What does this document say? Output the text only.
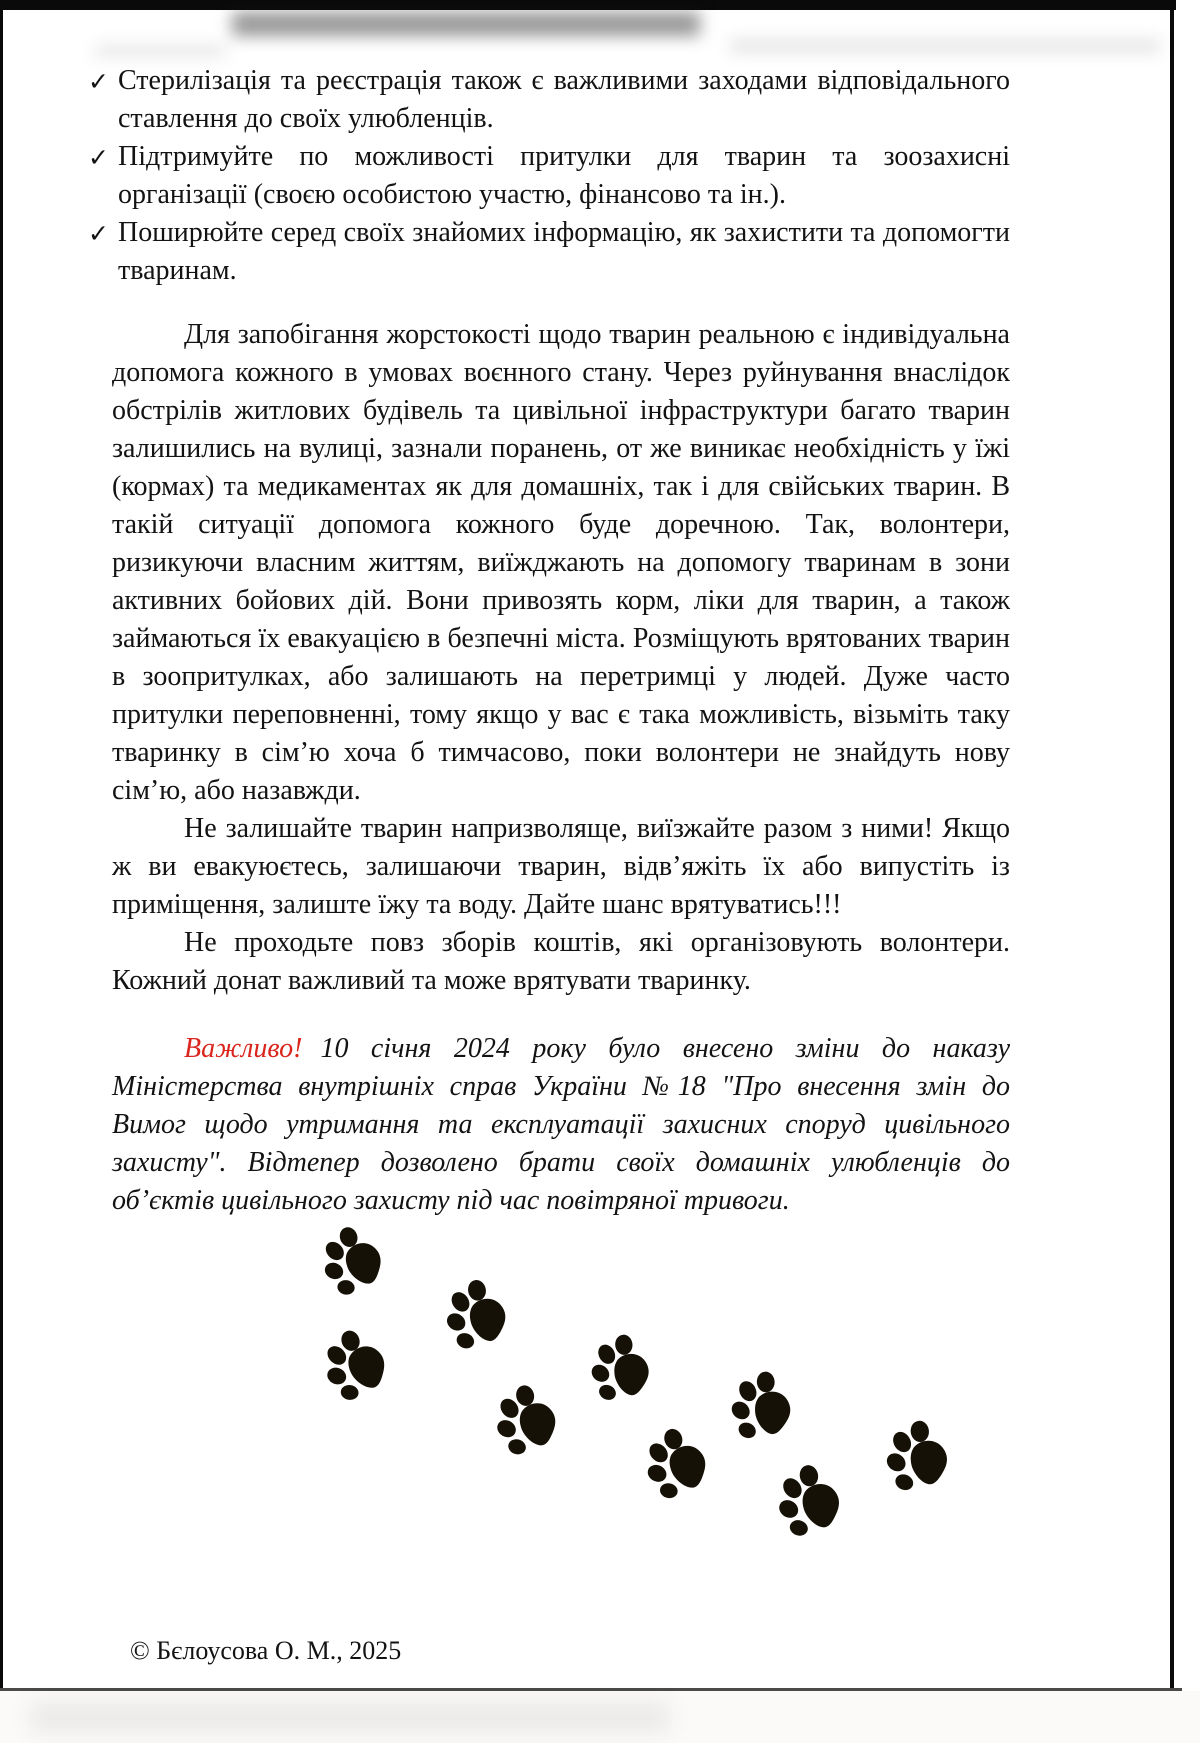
✓ Стерилізація та реєстрація також є важливими заходами відповідального ставлення до своїх улюбленців.
✓ Підтримуйте по можливості притулки для тварин та зоозахисні організації (своєю особистою участю, фінансово та ін.).
✓ Поширюйте серед своїх знайомих інформацію, як захистити та допомогти тваринам.

Для запобігання жорстокості щодо тварин реальною є індивідуальна допомога кожного в умовах воєнного стану. Через руйнування внаслідок обстрілів житлових будівель та цивільної інфраструктури багато тварин залишились на вулиці, зазнали поранень, от же виникає необхідність у їжі (кормах) та медикаментах як для домашніх, так і для свійських тварин. В такій ситуації допомога кожного буде доречною. Так, волонтери, ризикуючи власним життям, виїжджають на допомогу тваринам в зони активних бойових дій. Вони привозять корм, ліки для тварин, а також займаються їх евакуацією в безпечні міста. Розміщують врятованих тварин в зоопритулках, або залишають на перетримці у людей. Дуже часто притулки переповненні, тому якщо у вас є така можливість, візьміть таку тваринку в сім’ю хоча б тимчасово, поки волонтери не знайдуть нову сім’ю, або назавжди.

Не залишайте тварин напризволяще, виїзжайте разом з ними! Якщо ж ви евакуюєтесь, залишаючи тварин, відв’яжіть їх або випустіть із приміщення, залиште їжу та воду. Дайте шанс врятуватись!!!

Не проходьте повз зборів коштів, які організовують волонтери. Кожний донат важливий та може врятувати тваринку.

Важливо! 10 січня 2024 року було внесено зміни до наказу Міністерства внутрішніх справ України №18 "Про внесення змін до Вимог щодо утримання та експлуатації захисних споруд цивільного захисту". Відтепер дозволено брати своїх домашніх улюбленців до об’єктів цивільного захисту під час повітряної тривоги.

© Бєлоусова О. М., 2025
